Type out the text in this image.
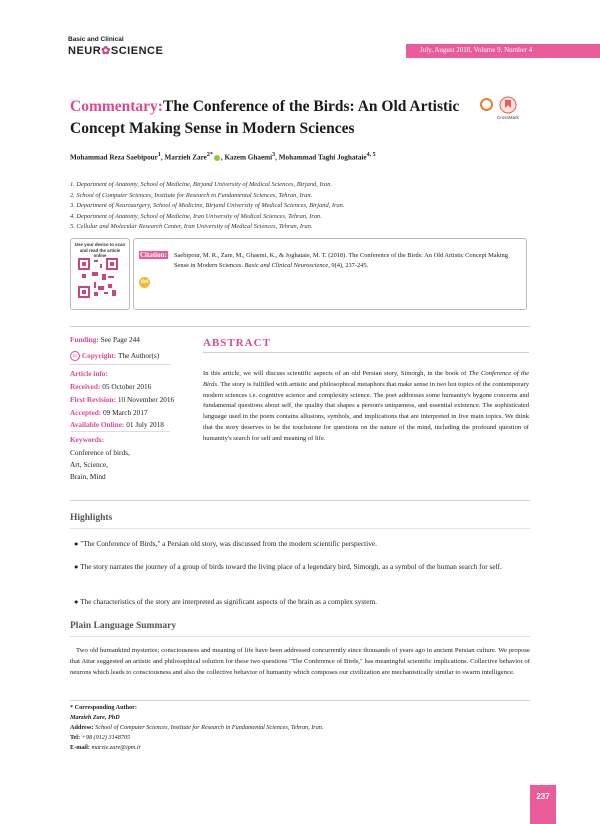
Basic and Clinical
NEUR✿SCIENCE	July, August 2018, Volume 9, Number 4
Commentary:The Conference of the Birds: An Old Artistic
Concept Making Sense in Modern Sciences
CrossMark
Mohammad Reza Saebipour$^1$, Marzieh Zare$^{2*}$ , Kazem Ghaemi$^3$, Mohammad Taghi Joghataie$^{4, 5}$
1. Department of Anatomy, School of Medicine, Birjand University of Medical Sciences, Birjand, Iran.
2. School of Computer Sciences, Institute for Research in Fundamental Sciences, Tehran, Iran.
3. Department of Neurosurgery, School of Medicine, Birjand University of Medical Sciences, Birjand, Iran.
4. Department of Anatomy, School of Medicine, Iran University of Medical Sciences, Tehran, Iran.
5. Cellular and Molecular Research Center, Iran University of Medical Sciences, Tehran, Iran.
Use your device to scan
and read the article online	Citation: Saebipour, M. R., Zare, M., Ghaemi, K., & Joghataie, M. T. (2018). The Conference of the Birds: An Old Artistic Concept Making Sense in Modern Sciences. Basic and Clinical Neuroscience, 9(4), 237-245.
doi
Funding: See Page 244
cc Copyright: The Author(s)
Article info:
Received: 05 October 2016
First Revision: 10 November 2016
Accepted: 09 March 2017
Available Online: 01 July 2018
Keywords:
Conference of birds,
Art, Science,
Brain, Mind
ABSTRACT
In this article, we will discuss scientific aspects of an old Persian story, Simorgh, in the book of The Conference of the Birds. The story is fulfilled with artistic and philosophical metaphors that make sense in two hot topics of the contemporary modern sciences i.e. cognitive science and complexity science. The poet addresses some humanity's bygone concerns and fundamental questions about self, the quality that shapes a person's uniqueness, and essential existence. The sophisticated language used in the poem contains allusions, symbols, and implications that are interpreted in five main topics. We think that the story deserves to be the touchstone for questions on the nature of the mind, including the profound question of humanity's search for self and meaning of life.
Highlights
● "The Conference of Birds," a Persian old story, was discussed from the modern scientific perspective.
● The story narrates the journey of a group of birds toward the living place of a legendary bird, Simorgh, as a symbol of the human search for self.
● The characteristics of the story are interpreted as significant aspects of the brain as a complex system.
Plain Language Summary
Two old humankind mysteries; consciousness and meaning of life have been addressed concurrently since thousands of years ago in ancient Persian culture. We propose that Attar suggested an artistic and philosophical solution for these two questions "The Conference of Birds," has meaningful scientific implications. Collective behavior of neurons which leads to consciousness and also the collective behavior of humanity which composes our civilization are mechanistically similar to swarm intelligence.
* Corresponding Author:
Marzieh Zare, PhD
Address: School of Computer Sciences, Institute for Research in Fundamental Sciences, Tehran, Iran.
Tel: +98 (912) 3148705
E-mail: marzie.zare@ipm.ir
237
